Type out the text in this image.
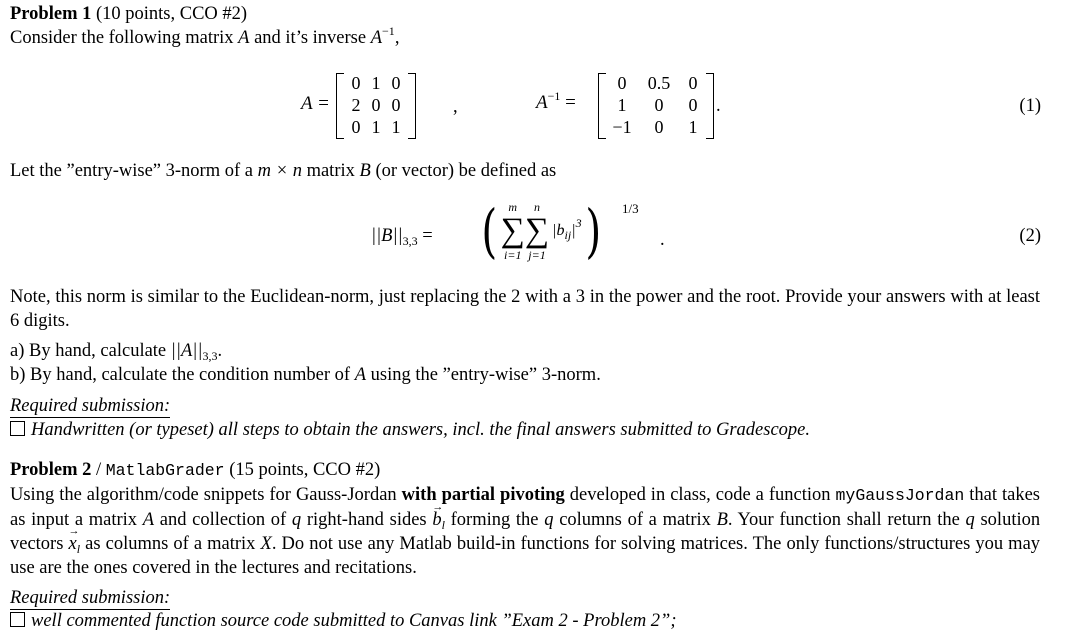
Problem 1 (10 points, CCO #2)
Consider the following matrix A and it’s inverse $A^{-1}$,
A =
0 1 0
2 0 0
0 1 1
,	$A^{-1}$ =
0	0.5	0
1	0	0
−1	0	1
.	(1)
Let the ”entry-wise” 3-norm of a m × n matrix B (or vector) be defined as
$||B||_{3,3}$ = ( m
∑
i=1
n
∑
j=1
$|b_{ij}|^3$ ) 1/3
.	(2)
Note, this norm is similar to the Euclidean-norm, just replacing the 2 with a 3 in the power and the root. Provide your answers with at least 6 digits.
a) By hand, calculate $||A||_{3,3}$.
b) By hand, calculate the condition number of A using the ”entry-wise” 3-norm.
Required submission:
Handwritten (or typeset) all steps to obtain the answers, incl. the final answers submitted to Gradescope.
Problem 2 / MatlabGrader (15 points, CCO #2)
Using the algorithm/code snippets for Gauss-Jordan with partial pivoting developed in class, code a function myGaussJordan that takes as input a matrix A and collection of q right-hand sides → $b_l$ forming the q columns of a matrix B. Your function shall return the q solution vectors → $x_l$ as columns of a matrix X. Do not use any Matlab build-in functions for solving matrices. The only functions/structures you may use are the ones covered in the lectures and recitations.
Required submission:
well commented function source code submitted to Canvas link ”Exam 2 - Problem 2”;
